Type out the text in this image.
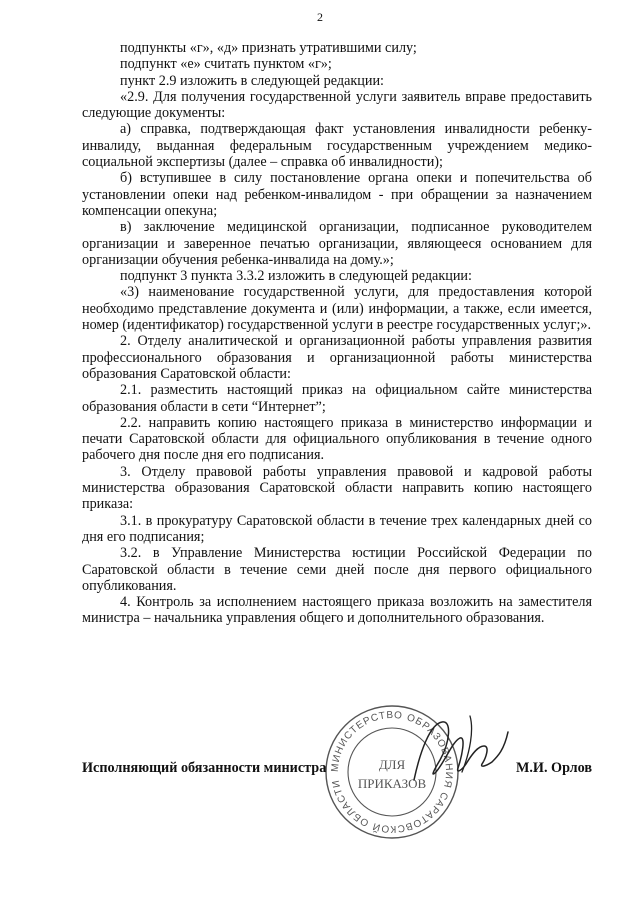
2

подпункты «г», «д» признать утратившими силу;

подпункт «е» считать пунктом «г»;

пункт 2.9 изложить в следующей редакции:

«2.9. Для получения государственной услуги заявитель вправе предоставить следующие документы:

а) справка, подтверждающая факт установления инвалидности ребенку-инвалиду, выданная федеральным государственным учреждением медико-социальной экспертизы (далее – справка об инвалидности);

б) вступившее в силу постановление органа опеки и попечительства об установлении опеки над ребенком-инвалидом - при обращении за назначением компенсации опекуна;

в) заключение медицинской организации, подписанное руководителем организации и заверенное печатью организации, являющееся основанием для организации обучения ребенка-инвалида на дому.»;

подпункт 3 пункта 3.3.2 изложить в следующей редакции:

«3) наименование государственной услуги, для предоставления которой необходимо представление документа и (или) информации, а также, если имеется, номер (идентификатор) государственной услуги в реестре государственных услуг;».

2. Отделу аналитической и организационной работы управления развития профессионального образования и организационной работы министерства образования Саратовской области:

2.1. разместить настоящий приказ на официальном сайте министерства образования области в сети “Интернет”;

2.2. направить копию настоящего приказа в министерство информации и печати Саратовской области для официального опубликования в течение одного рабочего дня после дня его подписания.

3. Отделу правовой работы управления правовой и кадровой работы министерства образования Саратовской области направить копию настоящего приказа:

3.1. в прокуратуру Саратовской области в течение трех календарных дней со дня его подписания;

3.2. в Управление Министерства юстиции Российской Федерации по Саратовской области в течение семи дней после дня первого официального опубликования.

4. Контроль за исполнением настоящего приказа возложить на заместителя министра – начальника управления общего и дополнительного образования.

МИНИСТЕРСТВО ОБРАЗОВАНИЯ САРАТОВСКОЙ ОБЛАСТИ
ДЛЯ
ПРИКАЗОВ
Исполняющий обязанности министра	М.И. Орлов
